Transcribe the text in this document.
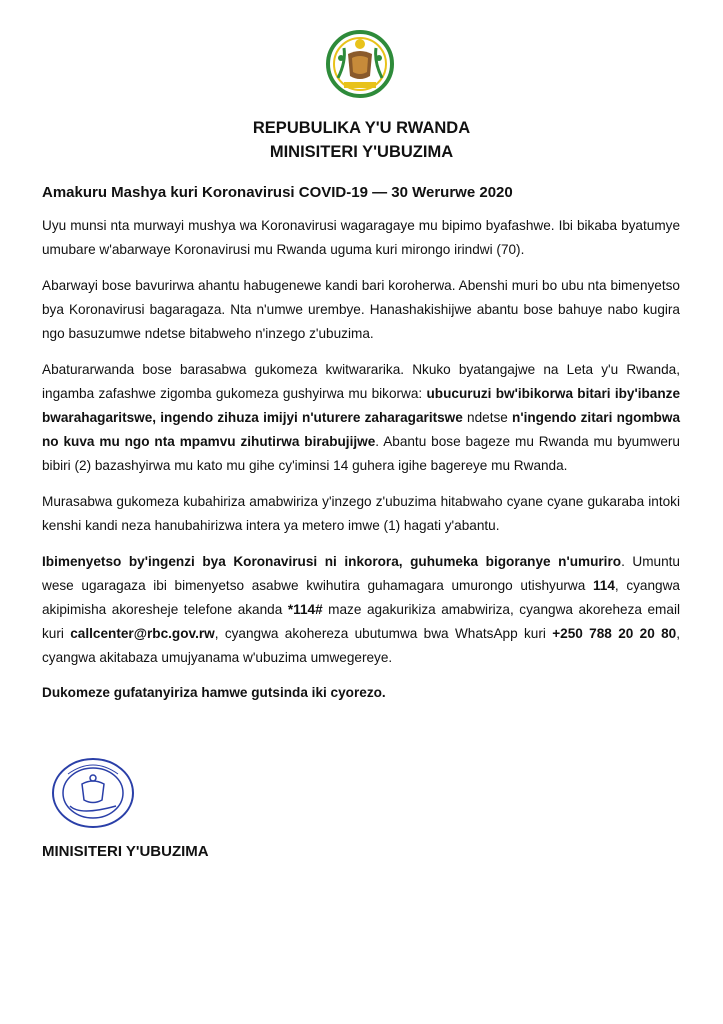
REPUBULIKA Y'U RWANDA
MINISITERI Y'UBUZIMA
Amakuru Mashya kuri Koronavirusi COVID-19 — 30 Werurwe 2020

Uyu munsi nta murwayi mushya wa Koronavirusi wagaragaye mu bipimo byafashwe. Ibi bikaba byatumye umubare w'abarwaye Koronavirusi mu Rwanda uguma kuri mirongo irindwi (70).

Abarwayi bose bavurirwa ahantu habugenewe kandi bari koroherwa. Abenshi muri bo ubu nta bimenyetso bya Koronavirusi bagaragaza. Nta n'umwe urembye. Hanashakishijwe abantu bose bahuye nabo kugira ngo basuzumwe ndetse bitabweho n'inzego z'ubuzima.

Abaturarwanda bose barasabwa gukomeza kwitwararika. Nkuko byatangajwe na Leta y'u Rwanda, ingamba zafashwe zigomba gukomeza gushyirwa mu bikorwa: ubucuruzi bw'ibikorwa bitari iby'ibanze bwarahagaritswe, ingendo zihuza imijyi n'uturere zaharagaritswe ndetse n'ingendo zitari ngombwa no kuva mu ngo nta mpamvu zihutirwa birabujijwe. Abantu bose bageze mu Rwanda mu byumweru bibiri (2) bazashyirwa mu kato mu gihe cy'iminsi 14 guhera igihe bagereye mu Rwanda.

Murasabwa gukomeza kubahiriza amabwiriza y'inzego z'ubuzima hitabwaho cyane cyane gukaraba intoki kenshi kandi neza hanubahirizwa intera ya metero imwe (1) hagati y'abantu.

Ibimenyetso by'ingenzi bya Koronavirusi ni inkorora, guhumeka bigoranye n'umuriro. Umuntu wese ugaragaza ibi bimenyetso asabwe kwihutira guhamagara umurongo utishyurwa 114, cyangwa akipimisha akoresheje telefone akanda *114# maze agakurikiza amabwiriza, cyangwa akoreheza email kuri callcenter@rbc.gov.rw, cyangwa akohereza ubutumwa bwa WhatsApp kuri +250 788 20 20 80, cyangwa akitabaza umujyanama w'ubuzima umwegereye.

Dukomeze gufatanyiriza hamwe gutsinda iki cyorezo.
MINISITERI Y'UBUZIMA
